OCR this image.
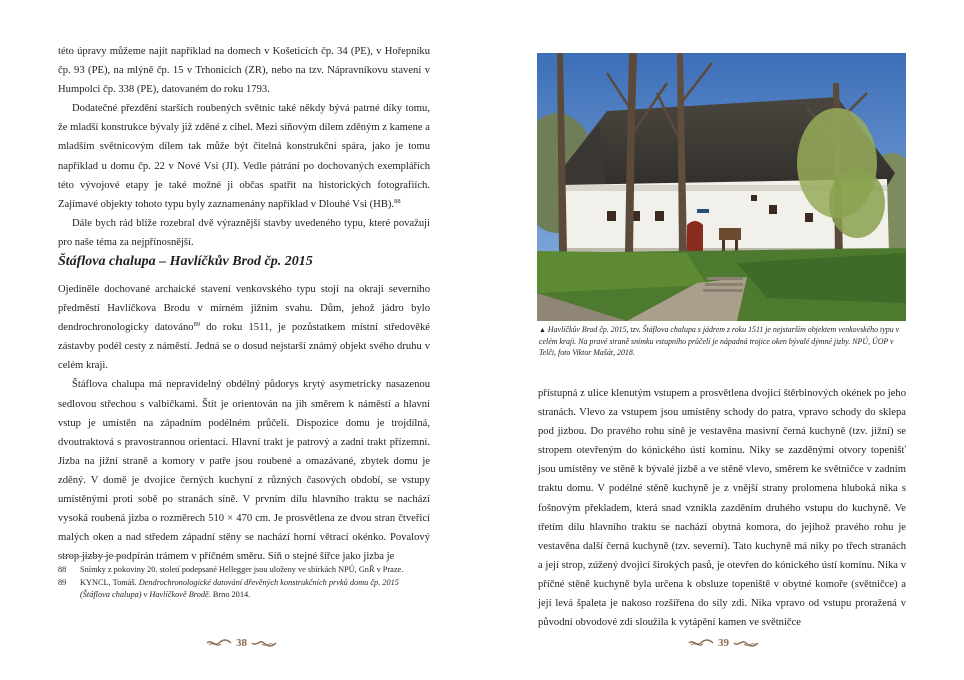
této úpravy můžeme najít například na domech v Košeticích čp. 34 (PE), v Hořepníku čp. 93 (PE), na mlýně čp. 15 v Trhonicích (ZR), nebo na tzv. Nápravníkovu stavení v Humpolci čp. 338 (PE), datovaném do roku 1793.

Dodatečné přezdění starších roubených světnic také někdy bývá patrné díky tomu, že mladší konstrukce bývaly již zděné z cihel. Mezi síňovým dílem zděným z kamene a mladším světnicovým dílem tak může být čitelná konstrukční spára, jako je tomu například u domu čp. 22 v Nové Vsi (JI). Vedle pátrání po dochovaných exemplářích této vývojové etapy je také možné ji občas spatřit na historických fotografiích. Zajímavé objekty tohoto typu byly zaznamenány například v Dlouhé Vsi (HB).$^{88}$

Dále bych rád blíže rozebral dvě výraznější stavby uvedeného typu, které považuji pro naše téma za nejpřínosnější.

Štáflova chalupa – Havlíčkův Brod čp. 2015

Ojediněle dochované archaické stavení venkovského typu stojí na okraji severního předměstí Havlíčkova Brodu v mírném jižním svahu. Dům, jehož jádro bylo dendrochronologicky datováno$^{89}$ do roku 1511, je pozůstatkem místní středověké zástavby podél cesty z náměstí. Jedná se o dosud nejstarší známý objekt svého druhu v celém kraji.

Štáflova chalupa má nepravidelný obdélný půdorys krytý asymetricky nasazenou sedlovou střechou s valbičkami. Štít je orientován na jih směrem k náměstí a hlavní vstup je umístěn na západním podélném průčelí. Dispozice domu je trojdílná, dvoutraktová s pravostrannou orientací. Hlavní trakt je patrový a zadní trakt přízemní. Jizba na jižní straně a komory v patře jsou roubené a omazávané, zbytek domu je zděný. V domě je dvojice černých kuchyní z různých časových období, se vstupy umístěnými proti sobě po stranách síně. V prvním dílu hlavního traktu se nachází vysoká roubená jizba o rozměrech 510 × 470 cm. Je prosvětlena ze dvou stran čtveřicí malých oken a nad středem západní stěny se nachází horní větrací okénko. Povalový strop jizby je podpírán trámem v příčném směru. Síň o stejné šířce jako jizba je

88	Snímky z pokoviny 20. století podepsané Hellegger jsou uloženy ve sbírkách NPÚ, GnŘ v Praze.
89	KYNCL, Tomáš. Dendrochronologické datování dřevěných konstrukčních prvků domu čp. 2015 (Štáflova chalupa) v Havlíčkově Brodě. Brno 2014.
38
▲ Havlíčkův Brod čp. 2015, tzv. Štáflova chalupa s jádrem z roku 1511 je nejstarším objektem venkovského typu v celém kraji. Na pravé straně snímku vstupního průčelí je nápadná trojice oken bývalé dýmné jizby. NPÚ, ÚOP v Telči, foto Viktor Mašát, 2018.

přístupná z ulice klenutým vstupem a prosvětlena dvojicí štěrbinových okének po jeho stranách. Vlevo za vstupem jsou umístěny schody do patra, vpravo schody do sklepa pod jizbou. Do pravého rohu síně je vestavěna masivní černá kuchyně (tzv. jižní) se stropem otevřeným do kónického ústí komínu. Niky se zazděnými otvory topenišť jsou umístěny ve stěně k bývalé jizbě a ve stěně vlevo, směrem ke světničce v zadním traktu domu. V podélné stěně kuchyně je z vnější strany prolomena hluboká nika s fošnovým překladem, která snad vznikla zazděním druhého vstupu do kuchyně. Ve třetím dílu hlavního traktu se nachází obytná komora, do jejíhož pravého rohu je vestavěna další černá kuchyně (tzv. severní). Tato kuchyně má niky po třech stranách a její strop, zúžený dvojicí širokých pasů, je otevřen do kónického ústí komínu. Nika v příčné stěně kuchyně byla určena k obsluze topeniště v obytné komoře (světničce) a její levá špaleta je nakoso rozšířena do síly zdi. Nika vpravo od vstupu proražená v původní obvodové zdi sloužila k vytápění kamen ve světničce

39
